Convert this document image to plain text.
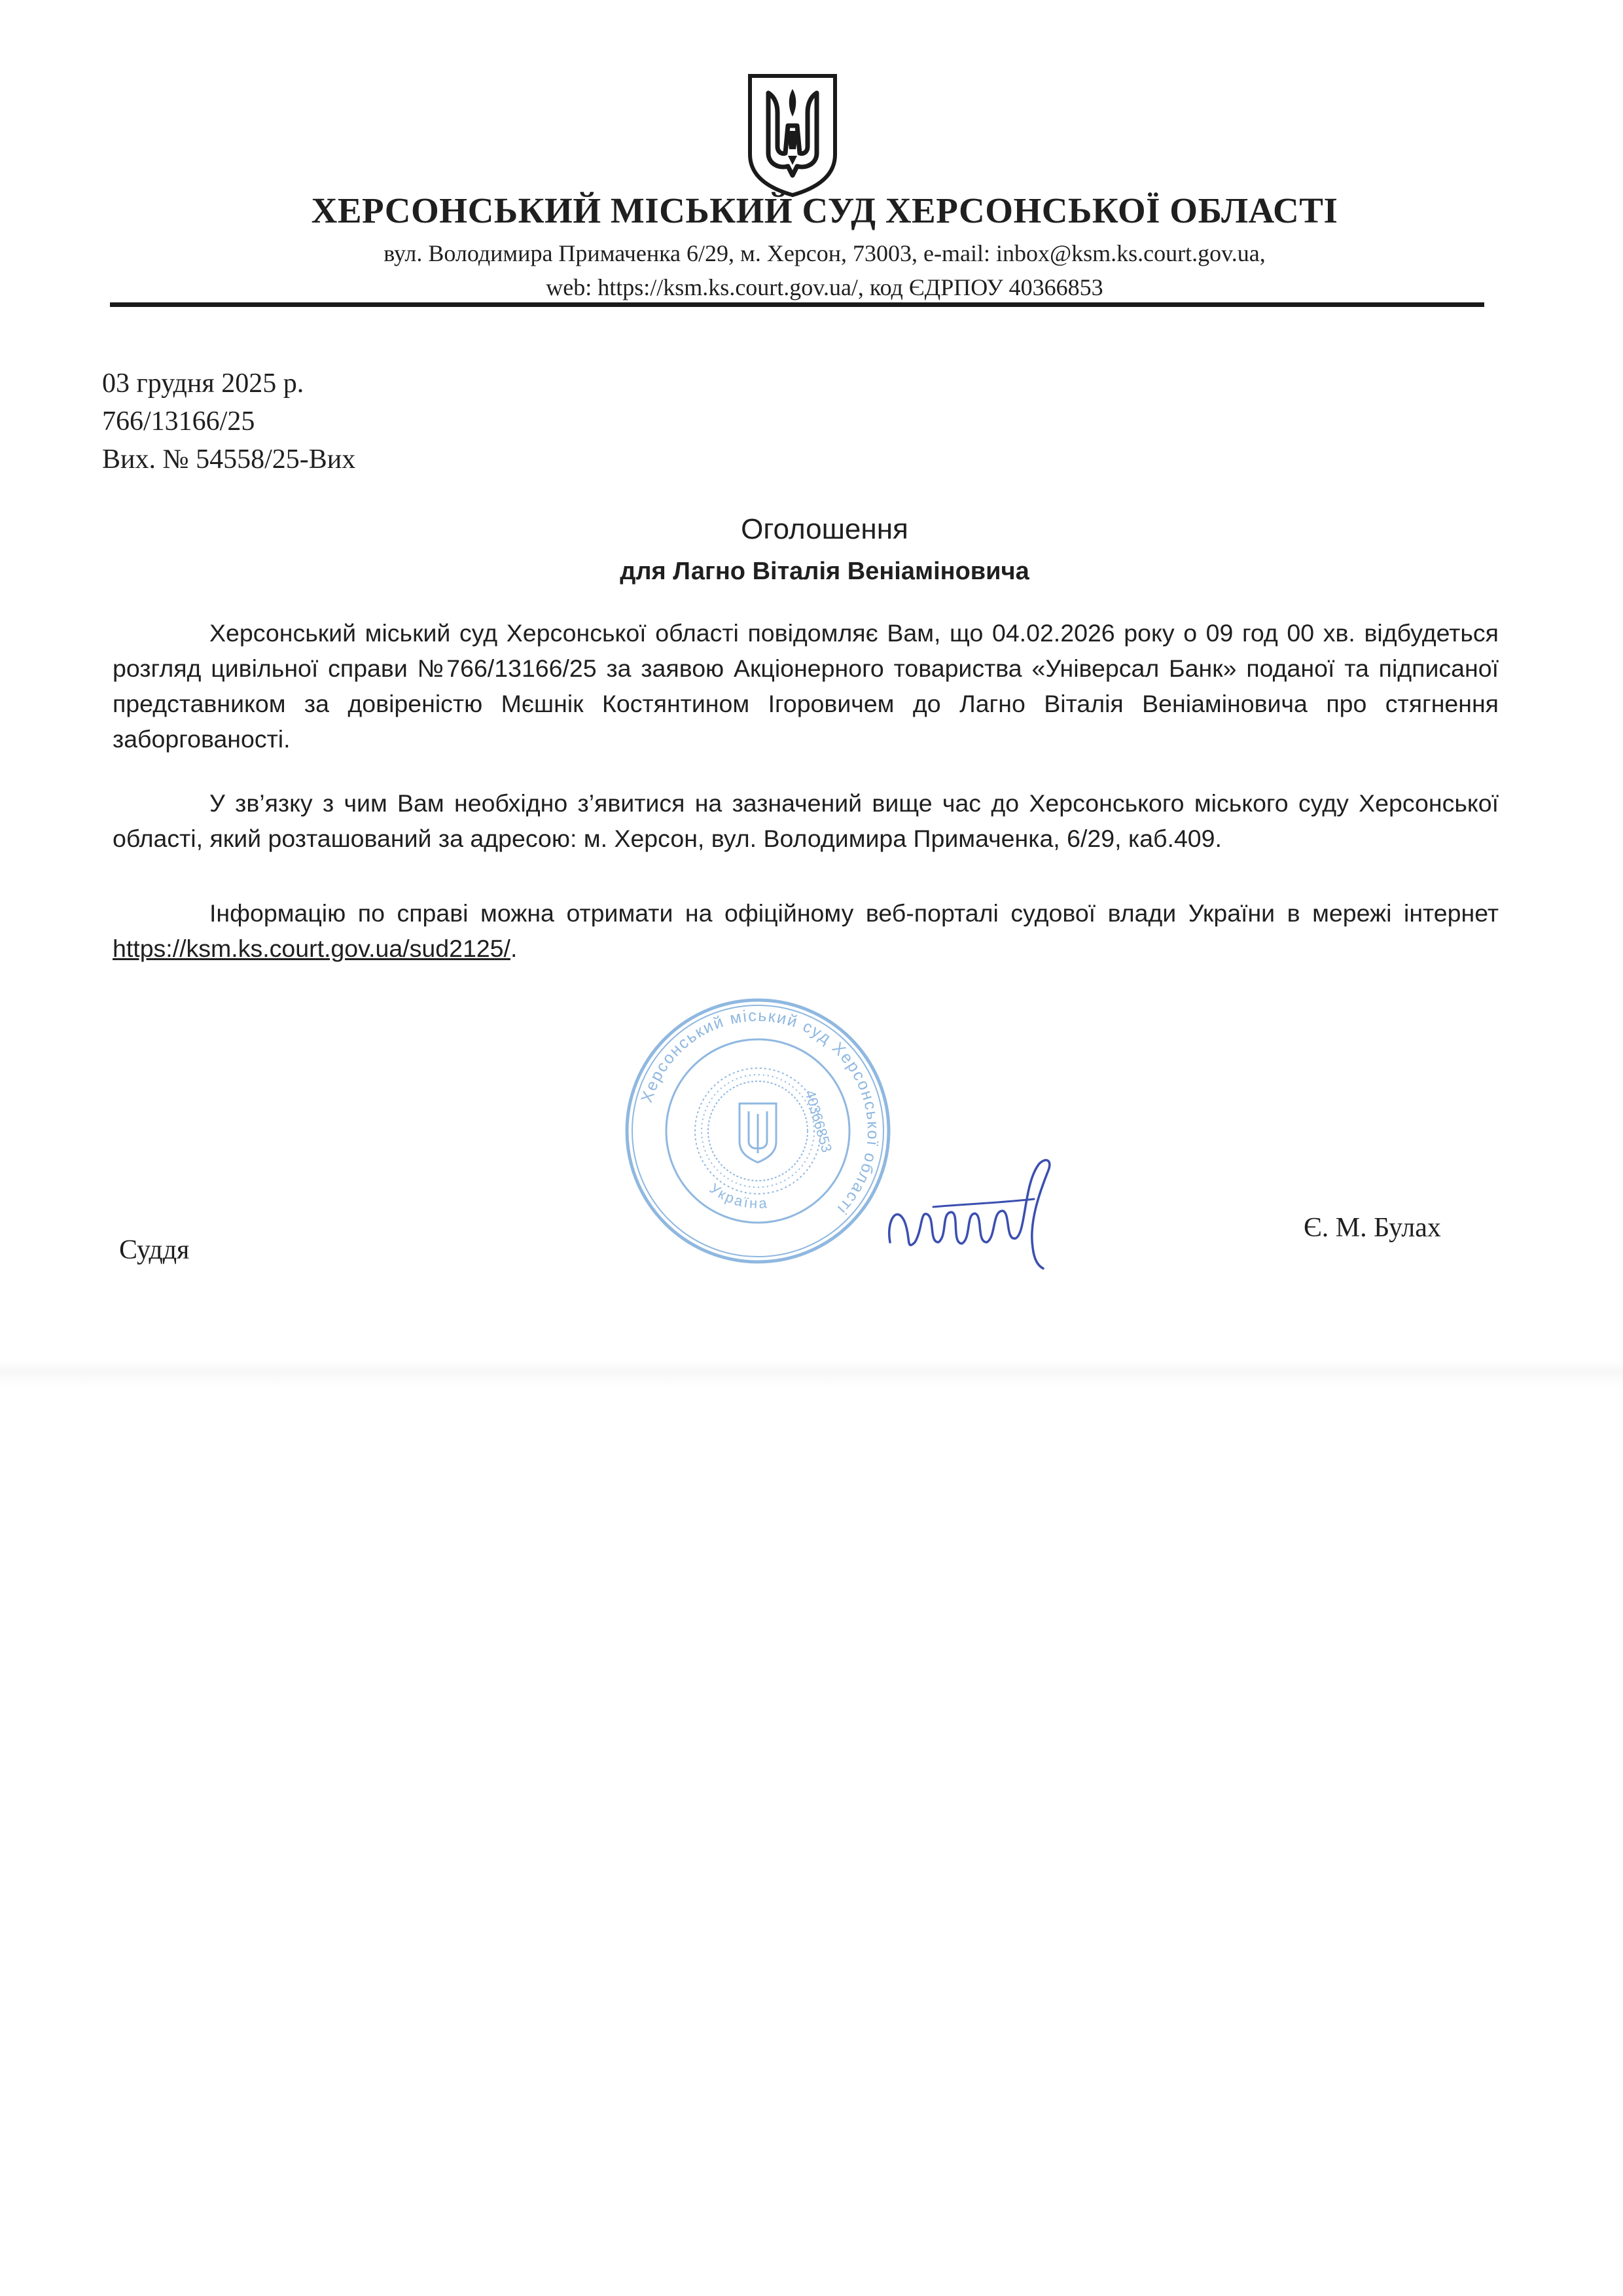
ХЕРСОНСЬКИЙ МІСЬКИЙ СУД ХЕРСОНСЬКОЇ ОБЛАСТІ
вул. Володимира Примаченка 6/29, м. Херсон, 73003, e-mail: inbox@ksm.ks.court.gov.ua,
web: https://ksm.ks.court.gov.ua/, код ЄДРПОУ 40366853
03 грудня 2025 р.
766/13166/25
Вих. № 54558/25-Вих
Оголошення
для Лагно Віталія Веніаміновича

Херсонський міський суд Херсонської області повідомляє Вам, що 04.02.2026 року о 09 год 00 хв. відбудеться розгляд цивільної справи №766/13166/25 за заявою Акціонерного товариства «Універсал Банк» поданої та підписаної представником за довіреністю Мєшнік Костянтином Ігоровичем до Лагно Віталія Веніаміновича про стягнення заборгованості.

У зв’язку з чим Вам необхідно з’явитися на зазначений вище час до Херсонського міського суду Херсонської області, який розташований за адресою: м. Херсон, вул. Володимира Примаченка, 6/29, каб.409.

Інформацію по справі можна отримати на офіційному веб-порталі судової влади України в мережі інтернет https://ksm.ks.court.gov.ua/sud2125/.

Херсонський міський суд Херсонської області
Україна
40366853
Суддя
Є. М. Булах
